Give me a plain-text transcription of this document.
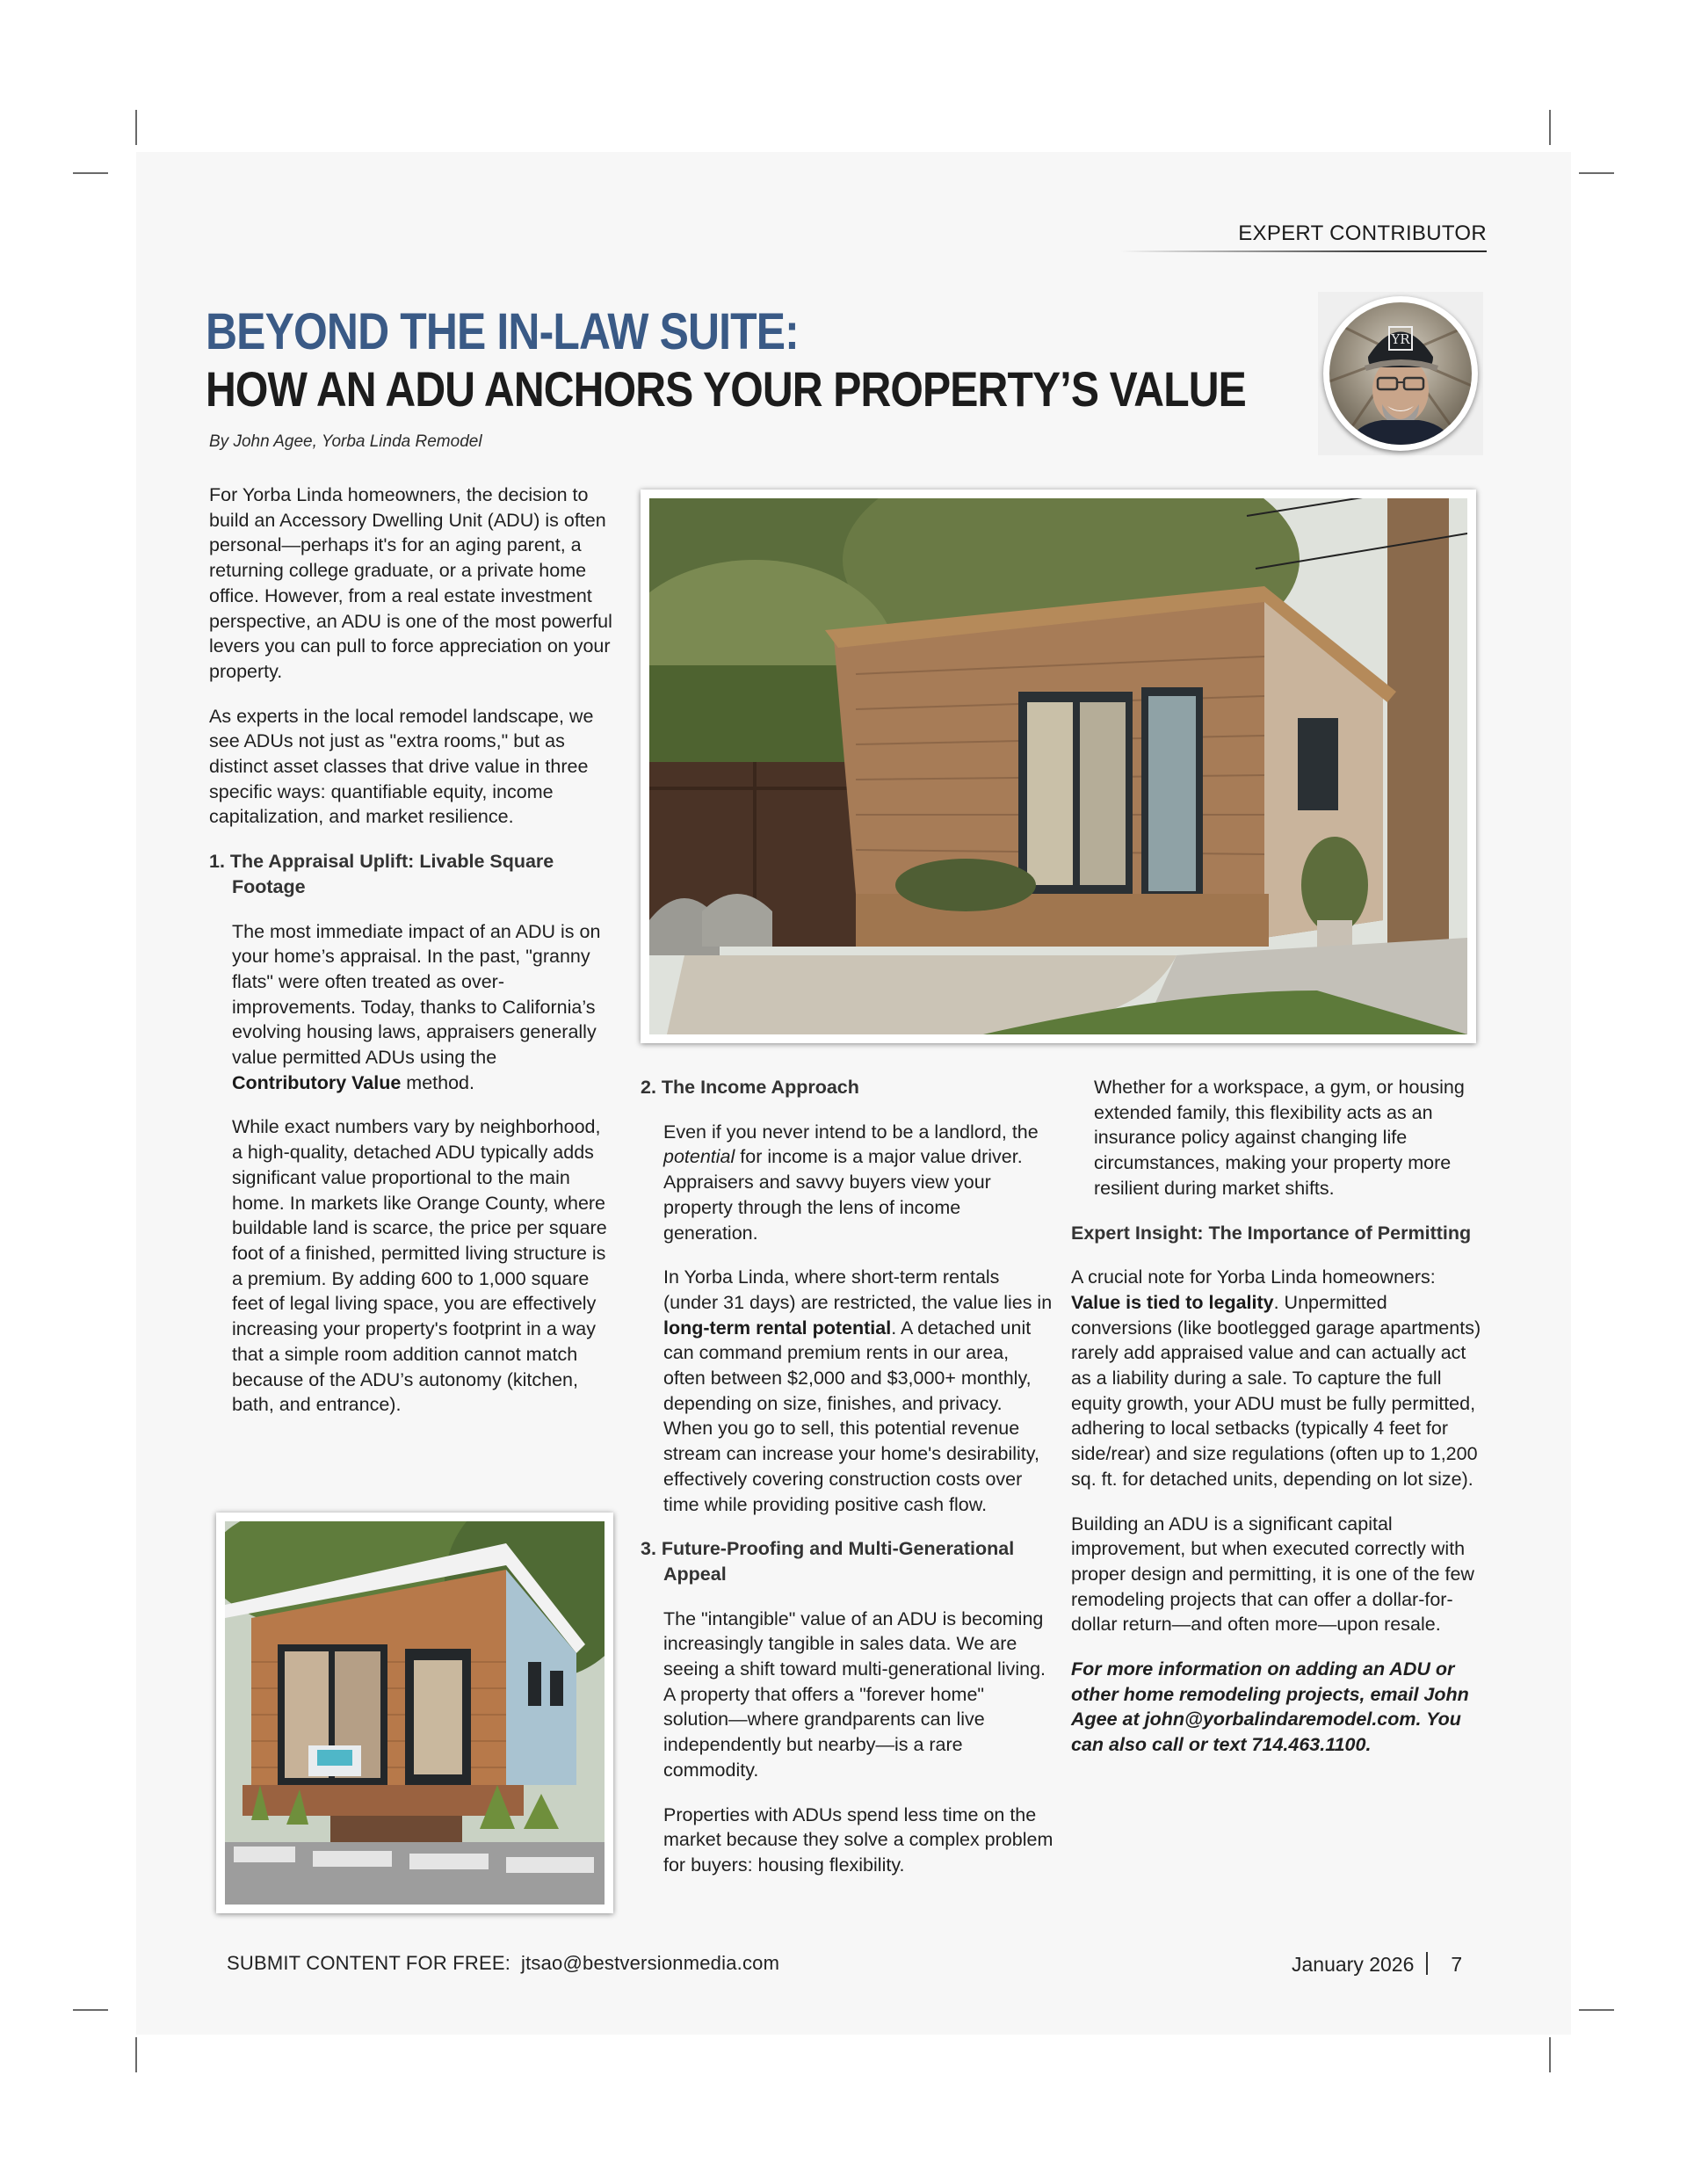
EXPERT CONTRIBUTOR
BEYOND THE IN-LAW SUITE:
HOW AN ADU ANCHORS YOUR PROPERTY’S VALUE
By John Agee, Yorba Linda Remodel
YR

For Yorba Linda homeowners, the decision to build an Accessory Dwelling Unit (ADU) is often personal—perhaps it's for an aging parent, a returning college graduate, or a private home office. However, from a real estate investment perspective, an ADU is one of the most powerful levers you can pull to force appreciation on your property.

As experts in the local remodel landscape, we see ADUs not just as "extra rooms," but as distinct asset classes that drive value in three specific ways: quantifiable equity, income capitalization, and market resilience.

1. The Appraisal Uplift: Livable Square Footage

The most immediate impact of an ADU is on your home’s appraisal. In the past, "granny flats" were often treated as over-improvements. Today, thanks to California’s evolving housing laws, appraisers generally value permitted ADUs using the Contributory Value method.

While exact numbers vary by neighborhood, a high-quality, detached ADU typically adds significant value proportional to the main home. In markets like Orange County, where buildable land is scarce, the price per square foot of a finished, permitted living structure is a premium. By adding 600 to 1,000 square feet of legal living space, you are effectively increasing your property's footprint in a way that a simple room addition cannot match because of the ADU’s autonomy (kitchen, bath, and entrance).

2. The Income Approach

Even if you never intend to be a landlord, the potential for income is a major value driver. Appraisers and savvy buyers view your property through the lens of income generation.

In Yorba Linda, where short-term rentals (under 31 days) are restricted, the value lies in long-term rental potential. A detached unit can command premium rents in our area, often between $2,000 and $3,000+ monthly, depending on size, finishes, and privacy. When you go to sell, this potential revenue stream can increase your home's desirability, effectively covering construction costs over time while providing positive cash flow.

3. Future-Proofing and Multi-Generational Appeal

The "intangible" value of an ADU is becoming increasingly tangible in sales data. We are seeing a shift toward multi-generational living. A property that offers a "forever home" solution—where grandparents can live independently but nearby—is a rare commodity.

Properties with ADUs spend less time on the market because they solve a complex problem for buyers: housing flexibility.

Whether for a workspace, a gym, or housing extended family, this flexibility acts as an insurance policy against changing life circumstances, making your property more resilient during market shifts.

Expert Insight: The Importance of Permitting

A crucial note for Yorba Linda homeowners: Value is tied to legality. Unpermitted conversions (like bootlegged garage apartments) rarely add appraised value and can actually act as a liability during a sale. To capture the full equity growth, your ADU must be fully permitted, adhering to local setbacks (typically 4 feet for side/rear) and size regulations (often up to 1,200 sq. ft. for detached units, depending on lot size).

Building an ADU is a significant capital improvement, but when executed correctly with proper design and permitting, it is one of the few remodeling projects that can offer a dollar-for-dollar return—and often more—upon resale.

For more information on adding an ADU or other home remodeling projects, email John Agee at john@yorbalindaremodel.com. You can also call or text 714.463.1100.

SUBMIT CONTENT FOR FREE: jtsao@bestversionmedia.com	January 2026 7
